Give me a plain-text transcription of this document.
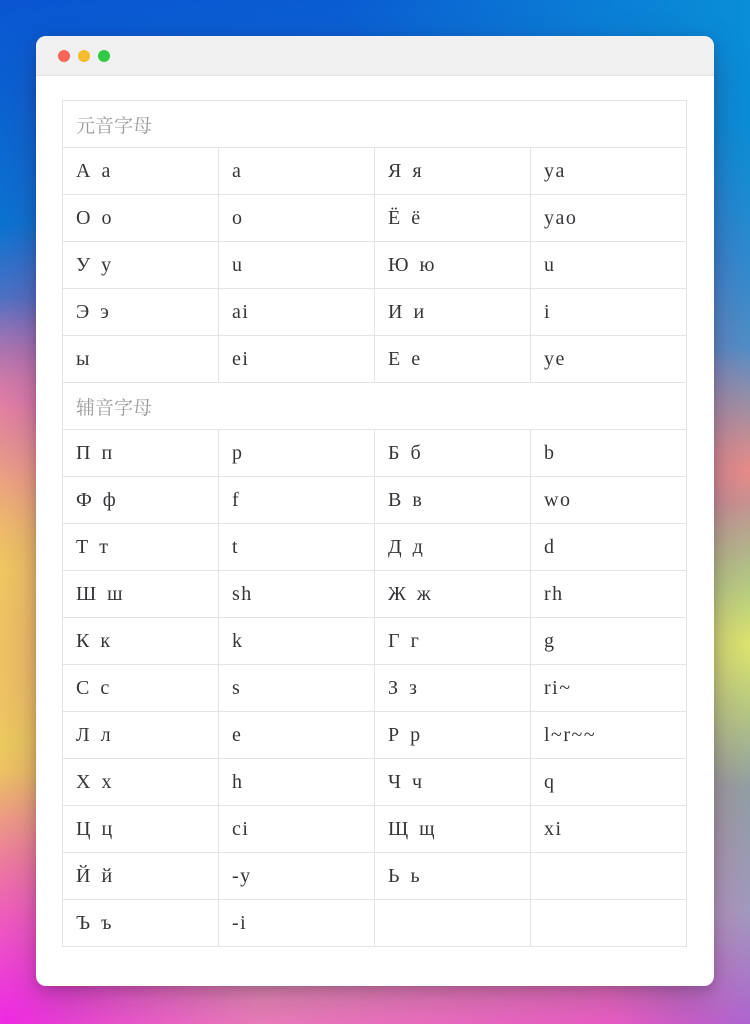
元音字母			
А а	a	Я я	ya
О о	o	Ё ё	yao
У у	u	Ю ю	u
Э э	ai	И и	i
ы	ei	Е е	ye
辅音字母			
П п	p	Б б	b
Ф ф	f	В в	wo
Т т	t	Д д	d
Ш ш	sh	Ж ж	rh
К к	k	Г г	g
С с	s	З з	ri~
Л л	e	Р р	l~r~~
Х х	h	Ч ч	q
Ц ц	ci	Щ щ	xi
Й й	-y	Ь ь	
Ъ ъ	-i		
